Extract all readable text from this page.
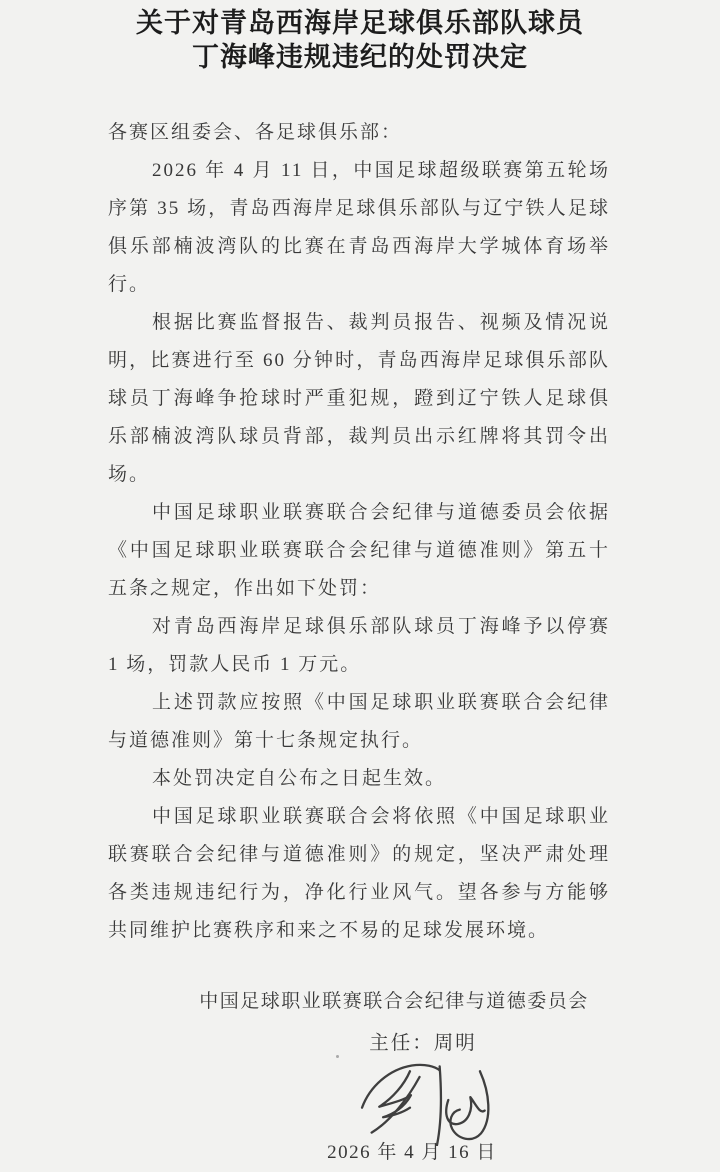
关于对青岛西海岸足球俱乐部队球员
丁海峰违规违纪的处罚决定

各赛区组委会、各足球俱乐部：

2026 年 4 月 11 日，中国足球超级联赛第五轮场序第 35 场，青岛西海岸足球俱乐部队与辽宁铁人足球俱乐部楠波湾队的比赛在青岛西海岸大学城体育场举行。

根据比赛监督报告、裁判员报告、视频及情况说明，比赛进行至 60 分钟时，青岛西海岸足球俱乐部队球员丁海峰争抢球时严重犯规，蹬到辽宁铁人足球俱乐部楠波湾队球员背部，裁判员出示红牌将其罚令出场。

中国足球职业联赛联合会纪律与道德委员会依据《中国足球职业联赛联合会纪律与道德准则》第五十五条之规定，作出如下处罚：

对青岛西海岸足球俱乐部队球员丁海峰予以停赛 1 场，罚款人民币 1 万元。

上述罚款应按照《中国足球职业联赛联合会纪律与道德准则》第十七条规定执行。

本处罚决定自公布之日起生效。

中国足球职业联赛联合会将依照《中国足球职业联赛联合会纪律与道德准则》的规定，坚决严肃处理各类违规违纪行为，净化行业风气。望各参与方能够共同维护比赛秩序和来之不易的足球发展环境。

中国足球职业联赛联合会纪律与道德委员会
主任：周明
2026 年 4 月 16 日
